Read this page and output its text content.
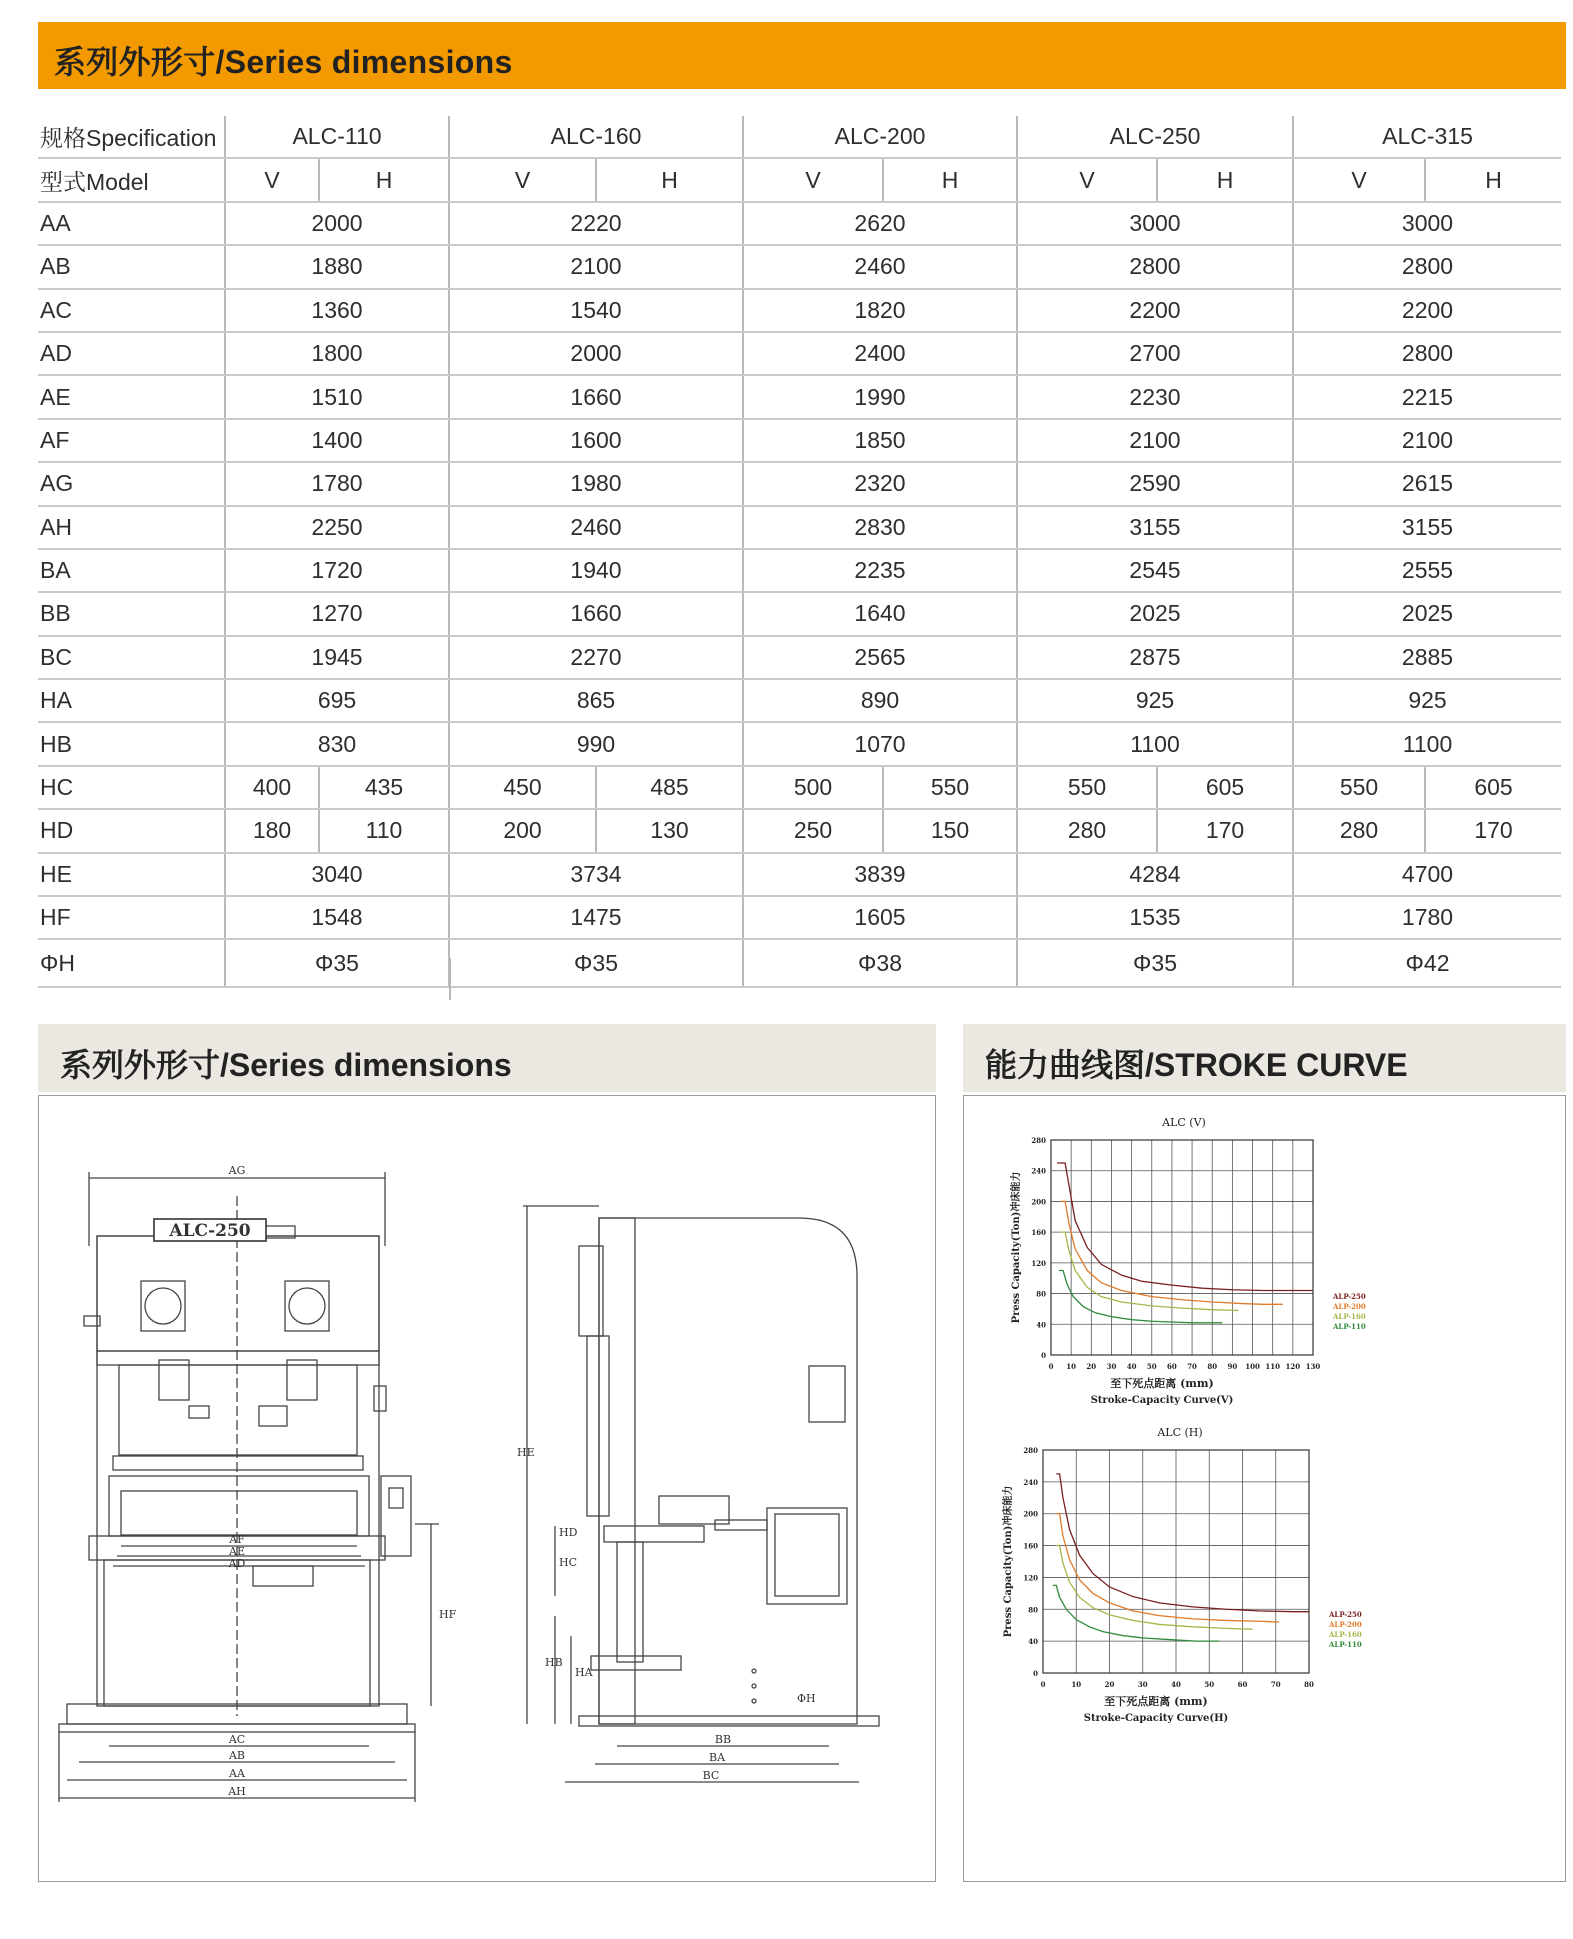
系列外形寸/Series dimensions
规格Specification	ALC-110		ALC-160		ALC-200		ALC-250		ALC-315	
型式Model	V	H	V	H	V	H	V	H	V	H
AA	2000		2220		2620		3000		3000	
AB	1880		2100		2460		2800		2800	
AC	1360		1540		1820		2200		2200	
AD	1800		2000		2400		2700		2800	
AE	1510		1660		1990		2230		2215	
AF	1400		1600		1850		2100		2100	
AG	1780		1980		2320		2590		2615	
AH	2250		2460		2830		3155		3155	
BA	1720		1940		2235		2545		2555	
BB	1270		1660		1640		2025		2025	
BC	1945		2270		2565		2875		2885	
HA	695		865		890		925		925	
HB	830		990		1070		1100		1100	
HC	400	435	450	485	500	550	550	605	550	605
HD	180	110	200	130	250	150	280	170	280	170
HE	3040		3734		3839		4284		4700	
HF	1548		1475		1605		1535		1780	
ΦH	Φ35		Φ35		Φ38		Φ35		Φ42	
系列外形寸/Series dimensions
ALC-250
AG
AF
AE
AD
AC
AB
AA
AH
HF
HE
HD
HC
HB
HA
BB
BA
BC
ΦH
能力曲线图/STROKE CURVE
ALC (V)
0 10 20 30 40 50 60 70 80 90 100 110 120 130
0
40
80
120
160
200
240
280
Press Capacity(Ton)冲床能力
至下死点距离 (mm)
Stroke-Capacity Curve(V)
ALP-250
ALP-200
ALP-160
ALP-110
ALC (H)
0	10	20	30	40	50	60	70	80
0
40
80
120
160
200
240
280
Press Capacity(Ton)冲床能力
至下死点距离 (mm)
Stroke-Capacity Curve(H)
ALP-250
ALP-200
ALP-160
ALP-110
